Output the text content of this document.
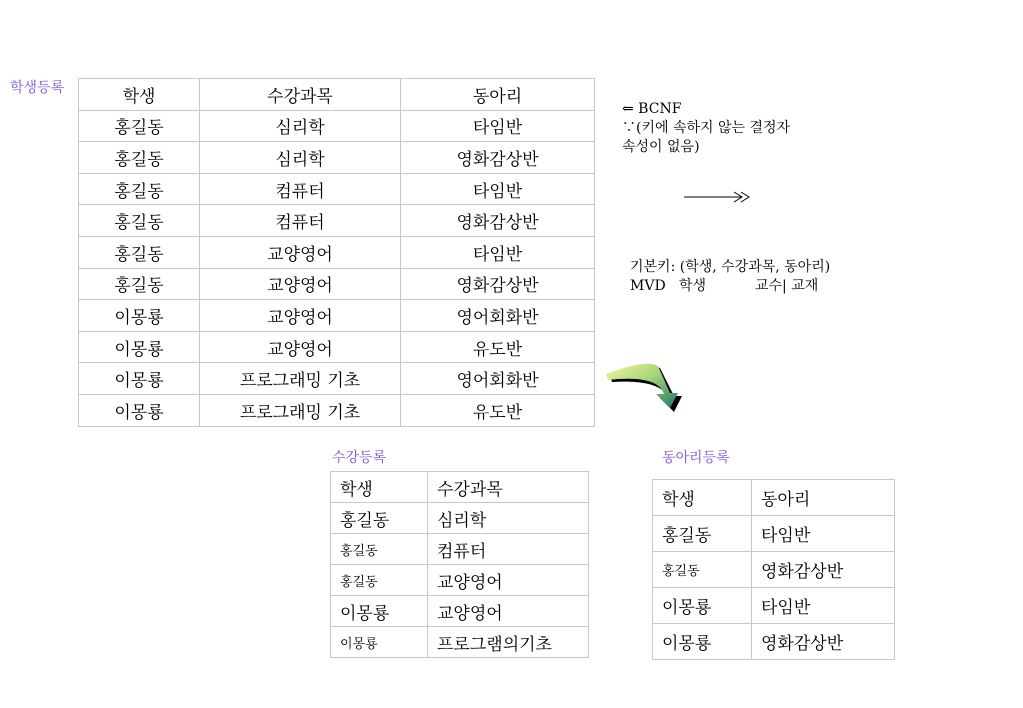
학생등록	학생	수강과목	동아리
홍길동	심리학	타임반
홍길동	심리학	영화감상반
홍길동	컴퓨터	타임반
홍길동	컴퓨터	영화감상반
홍길동	교양영어	타임반
홍길동	교양영어	영화감상반
이몽룡	교양영어	영어회화반
이몽룡	교양영어	유도반
이몽룡	프로그래밍 기초	영어회화반
이몽룡	프로그래밍 기초	유도반
⇐ BCNF
∵(키에 속하지 않는 결정자
속성이 없음)
기본키: (학생, 수강과목, 동아리)
MVD 학생	교수| 교재
수강등록
학생	수강과목
홍길동	심리학
홍길동	컴퓨터
홍길동	교양영어
이몽룡	교양영어
이몽룡	프로그램의기초
동아리등록
학생	동아리
홍길동	타임반
홍길동	영화감상반
이몽룡	타임반
이몽룡	영화감상반
